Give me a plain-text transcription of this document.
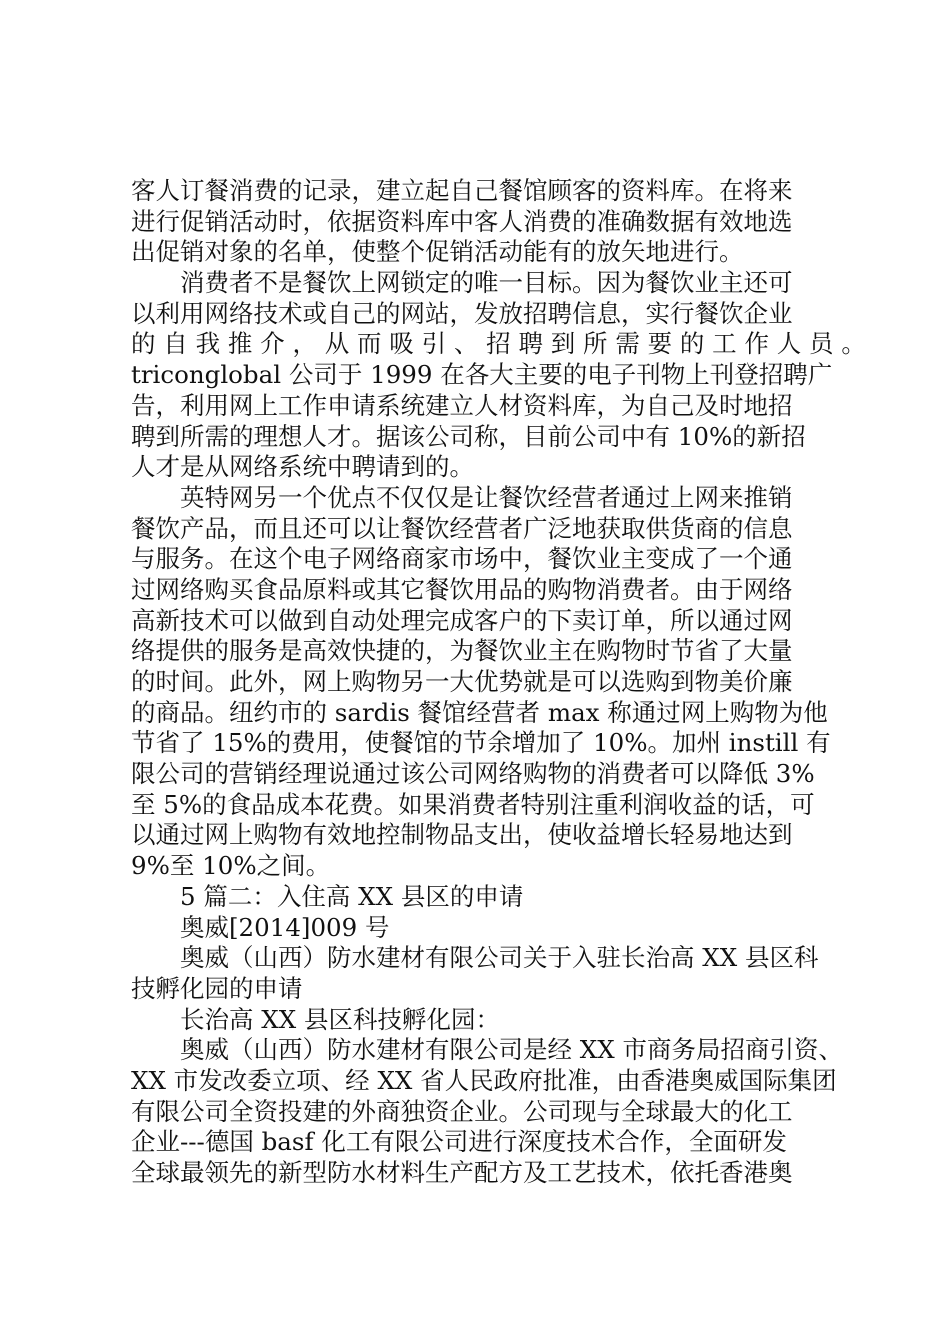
客人订餐消费的记录，建立起自己餐馆顾客的资料库。在将来
进行促销活动时，依据资料库中客人消费的准确数据有效地选
出促销对象的名单，使整个促销活动能有的放矢地进行。
消费者不是餐饮上网锁定的唯一目标。因为餐饮业主还可
以利用网络技术或自己的网站，发放招聘信息，实行餐饮企业
的 自 我 推 介 ， 从 而 吸 引 、 招 聘 到 所 需 要 的 工 作 人 员 。
triconglobal 公司于 1999 在各大主要的电子刊物上刊登招聘广
告，利用网上工作申请系统建立人材资料库，为自己及时地招
聘到所需的理想人才。据该公司称，目前公司中有 10%的新招
人才是从网络系统中聘请到的。
英特网另一个优点不仅仅是让餐饮经营者通过上网来推销
餐饮产品，而且还可以让餐饮经营者广泛地获取供货商的信息
与服务。在这个电子网络商家市场中，餐饮业主变成了一个通
过网络购买食品原料或其它餐饮用品的购物消费者。由于网络
高新技术可以做到自动处理完成客户的下卖订单，所以通过网
络提供的服务是高效快捷的，为餐饮业主在购物时节省了大量
的时间。此外，网上购物另一大优势就是可以选购到物美价廉
的商品。纽约市的 sardis 餐馆经营者 max 称通过网上购物为他
节省了 15%的费用，使餐馆的节余增加了 10%。加州 instill 有
限公司的营销经理说通过该公司网络购物的消费者可以降低 3%
至 5%的食品成本花费。如果消费者特别注重利润收益的话，可
以通过网上购物有效地控制物品支出，使收益增长轻易地达到
9%至 10%之间。
5 篇二：入住高 XX 县区的申请
奥威[2014]009 号
奥威（山西）防水建材有限公司关于入驻长治高 XX 县区科
技孵化园的申请
长治高 XX 县区科技孵化园：
奥威（山西）防水建材有限公司是经 XX 市商务局招商引资、
XX 市发改委立项、经 XX 省人民政府批准，由香港奥威国际集团
有限公司全资投建的外商独资企业。公司现与全球最大的化工
企业---德国 basf 化工有限公司进行深度技术合作，全面研发
全球最领先的新型防水材料生产配方及工艺技术，依托香港奥
